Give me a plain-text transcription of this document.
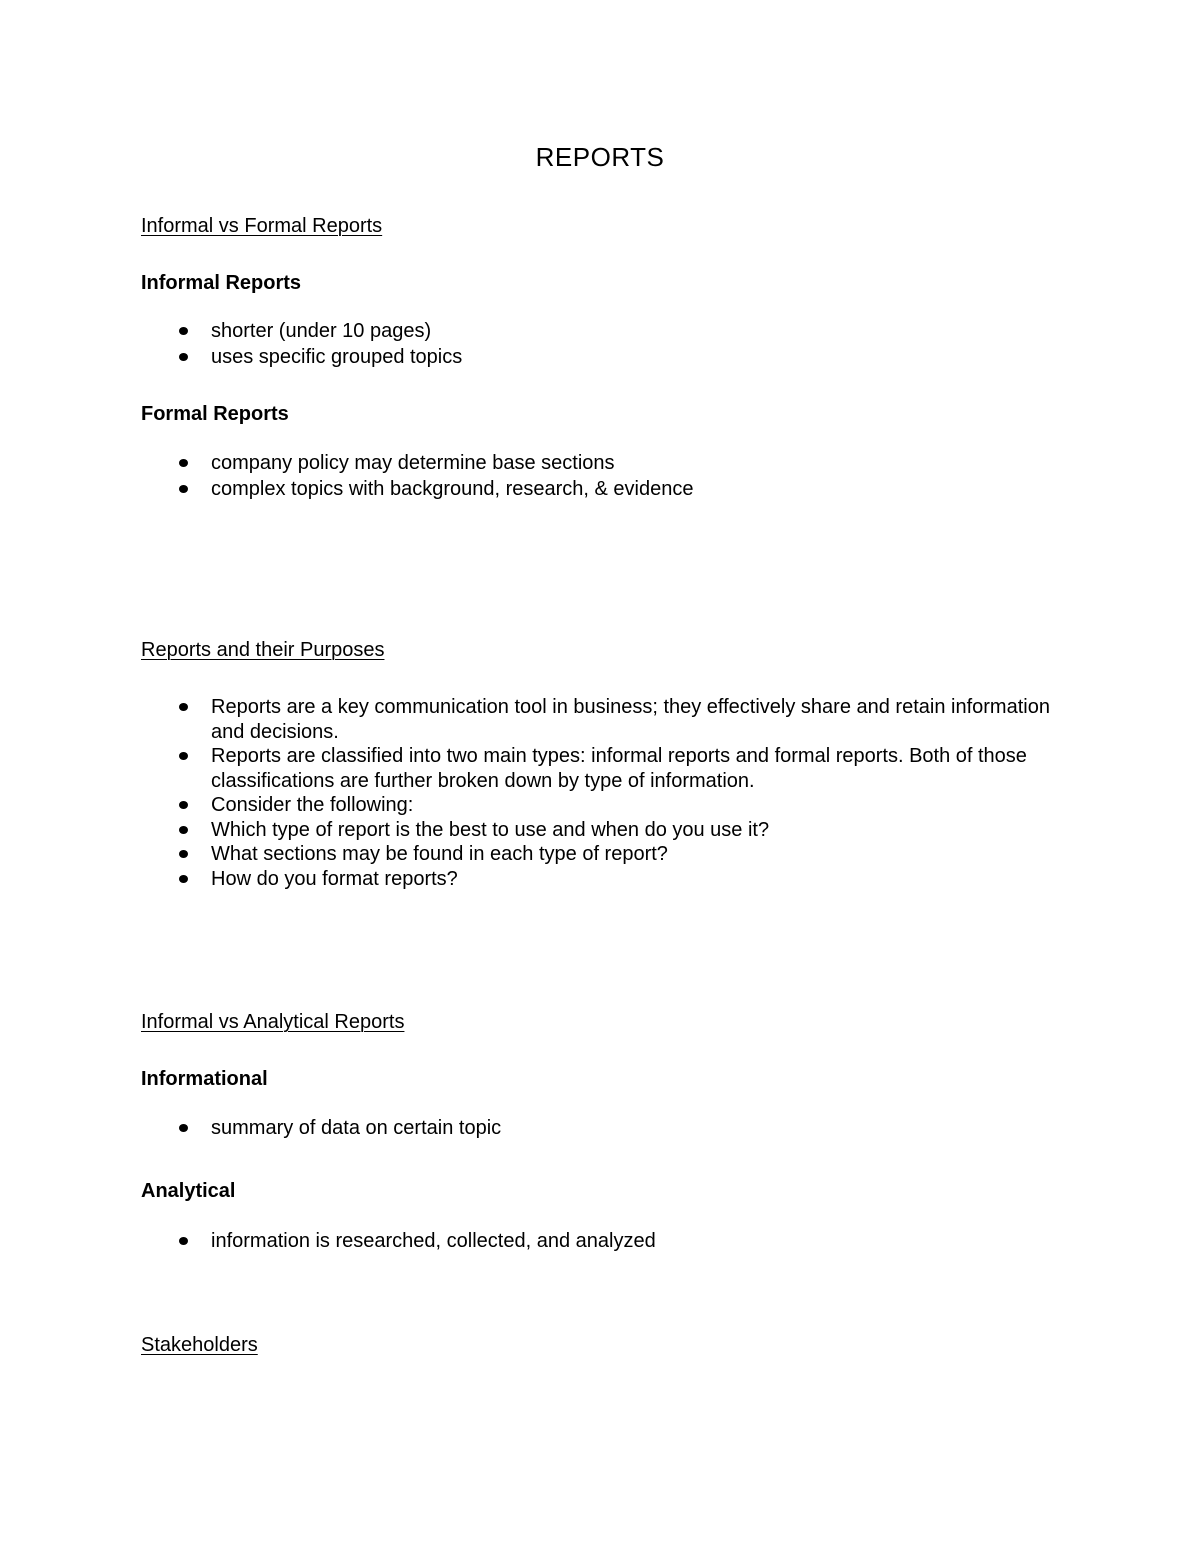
REPORTS
Informal vs Formal Reports
Informal Reports
shorter (under 10 pages)
uses specific grouped topics
Formal Reports
company policy may determine base sections
complex topics with background, research, & evidence
Reports and their Purposes
Reports are a key communication tool in business; they effectively share and retain information and decisions.
Reports are classified into two main types: informal reports and formal reports. Both of those classifications are further broken down by type of information.
Consider the following:
Which type of report is the best to use and when do you use it?
What sections may be found in each type of report?
How do you format reports?
Informal vs Analytical Reports
Informational
summary of data on certain topic
Analytical
information is researched, collected, and analyzed
Stakeholders
